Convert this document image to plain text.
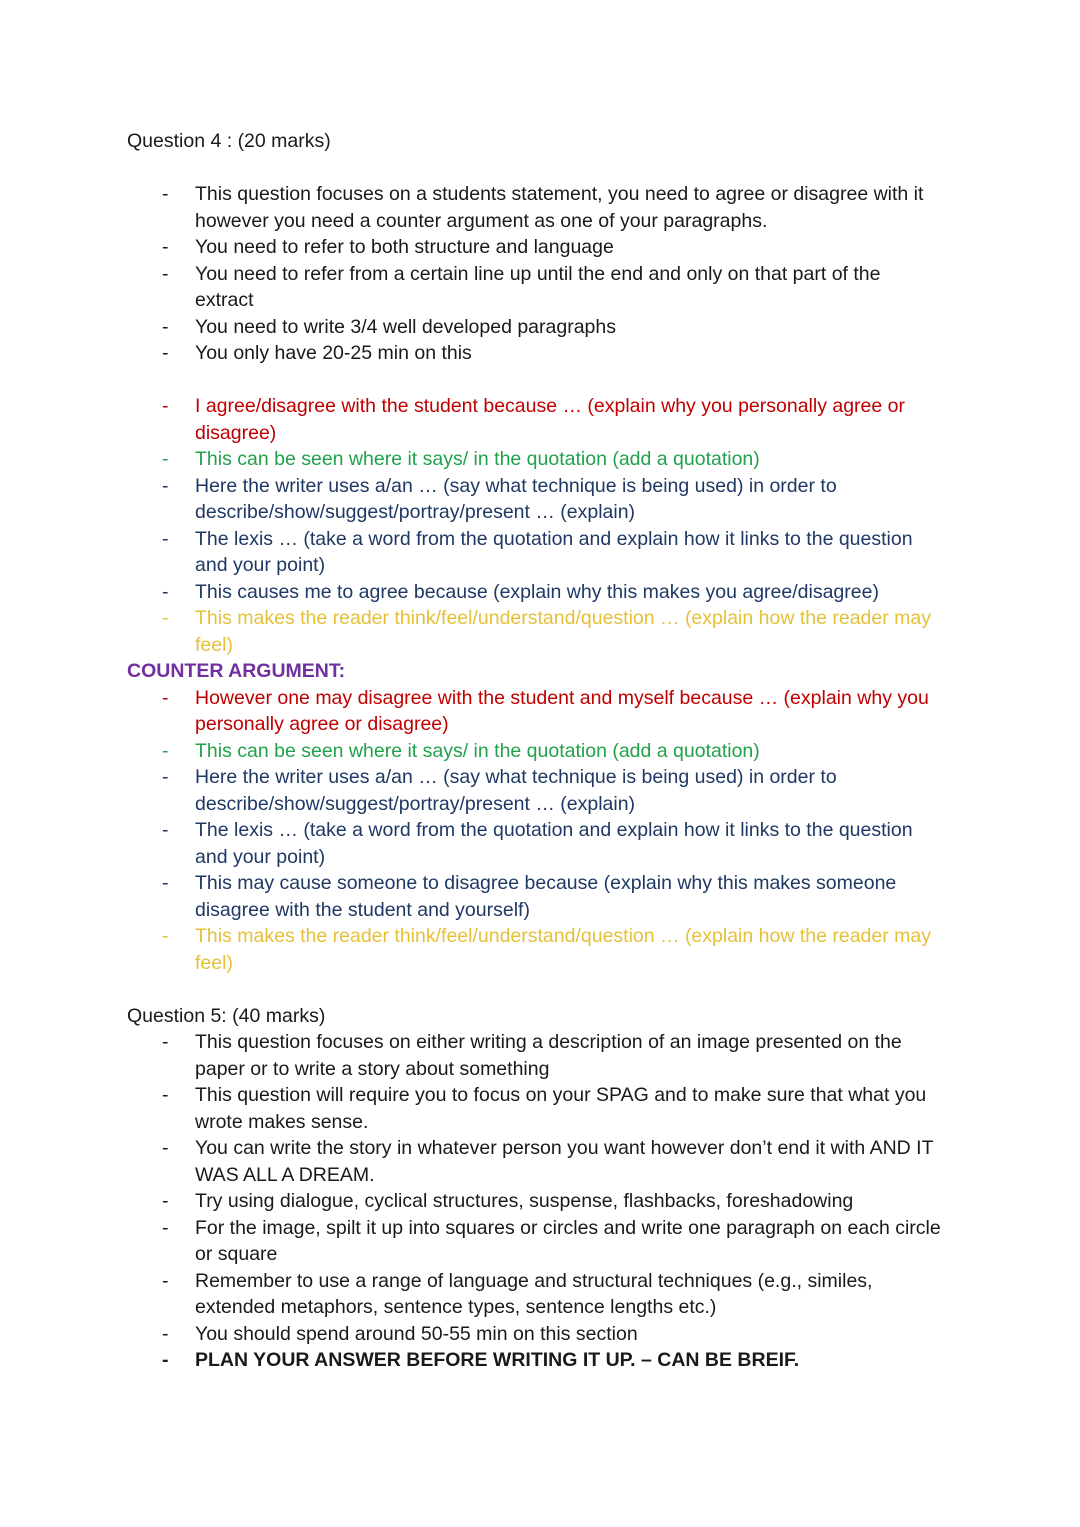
Question 4 : (20 marks)

-	This question focuses on a students statement, you need to agree or disagree with it however you need a counter argument as one of your paragraphs.
-	You need to refer to both structure and language
-	You need to refer from a certain line up until the end and only on that part of the extract
-	You need to write 3/4 well developed paragraphs
-	You only have 20-25 min on this
-	I agree/disagree with the student because … (explain why you personally agree or disagree)
-	This can be seen where it says/ in the quotation (add a quotation)
-	Here the writer uses a/an … (say what technique is being used) in order to describe/show/suggest/portray/present … (explain)
-	The lexis … (take a word from the quotation and explain how it links to the question and your point)
-	This causes me to agree because (explain why this makes you agree/disagree)
-	This makes the reader think/feel/understand/question … (explain how the reader may feel)

COUNTER ARGUMENT:

-	However one may disagree with the student and myself because … (explain why you personally agree or disagree)
-	This can be seen where it says/ in the quotation (add a quotation)
-	Here the writer uses a/an … (say what technique is being used) in order to describe/show/suggest/portray/present … (explain)
-	The lexis … (take a word from the quotation and explain how it links to the question and your point)
-	This may cause someone to disagree because (explain why this makes someone disagree with the student and yourself)
-	This makes the reader think/feel/understand/question … (explain how the reader may feel)

Question 5: (40 marks)

-	This question focuses on either writing a description of an image presented on the paper or to write a story about something
-	This question will require you to focus on your SPAG and to make sure that what you wrote makes sense.
-	You can write the story in whatever person you want however don’t end it with AND IT WAS ALL A DREAM.
-	Try using dialogue, cyclical structures, suspense, flashbacks, foreshadowing
-	For the image, spilt it up into squares or circles and write one paragraph on each circle or square
-	Remember to use a range of language and structural techniques (e.g., similes, extended metaphors, sentence types, sentence lengths etc.)
-	You should spend around 50-55 min on this section
-	PLAN YOUR ANSWER BEFORE WRITING IT UP. – CAN BE BREIF.
